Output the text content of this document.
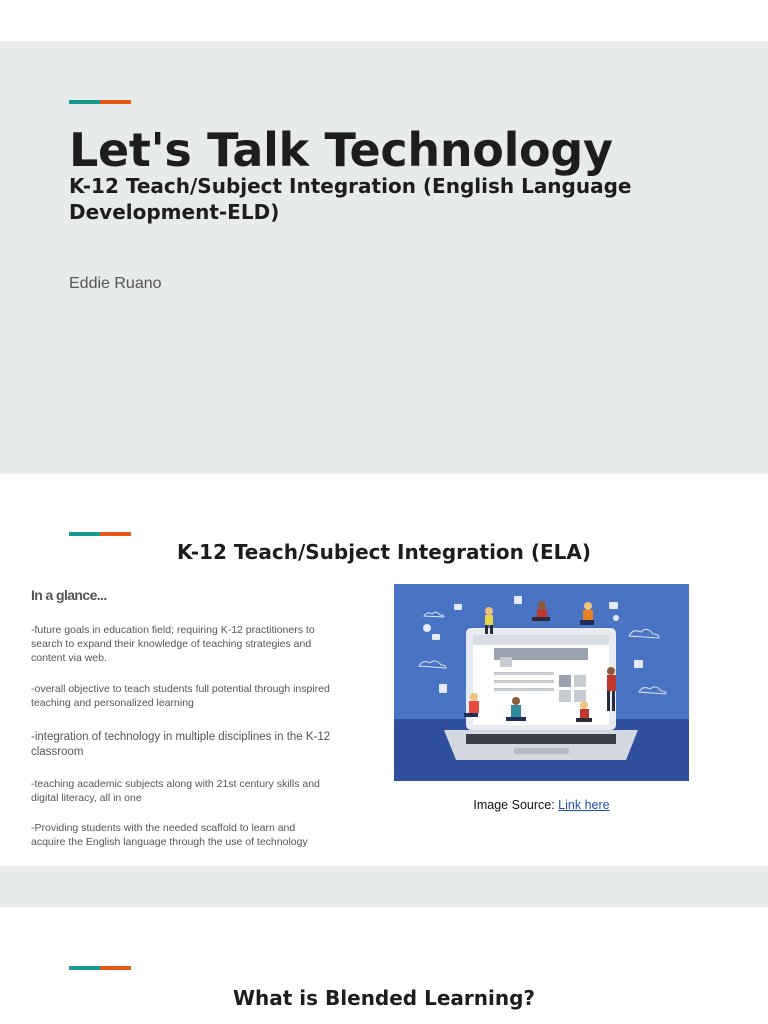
Let's Talk Technology
K-12 Teach/Subject Integration (English Language Development-ELD)

Eddie Ruano

K-12 Teach/Subject Integration (ELA)

In a glance...

-future goals in education field; requiring K-12 practitioners to search to expand their knowledge of teaching strategies and content via web.
-overall objective to teach students full potential through inspired teaching and personalized learning
-integration of technology in multiple disciplines in the K-12 classroom
-teaching academic subjects along with 21st century skills and digital literacy, all in one
-Providing students with the needed scaffold to learn and acquire the English language through the use of technology

Image Source: Link here

What is Blended Learning?
